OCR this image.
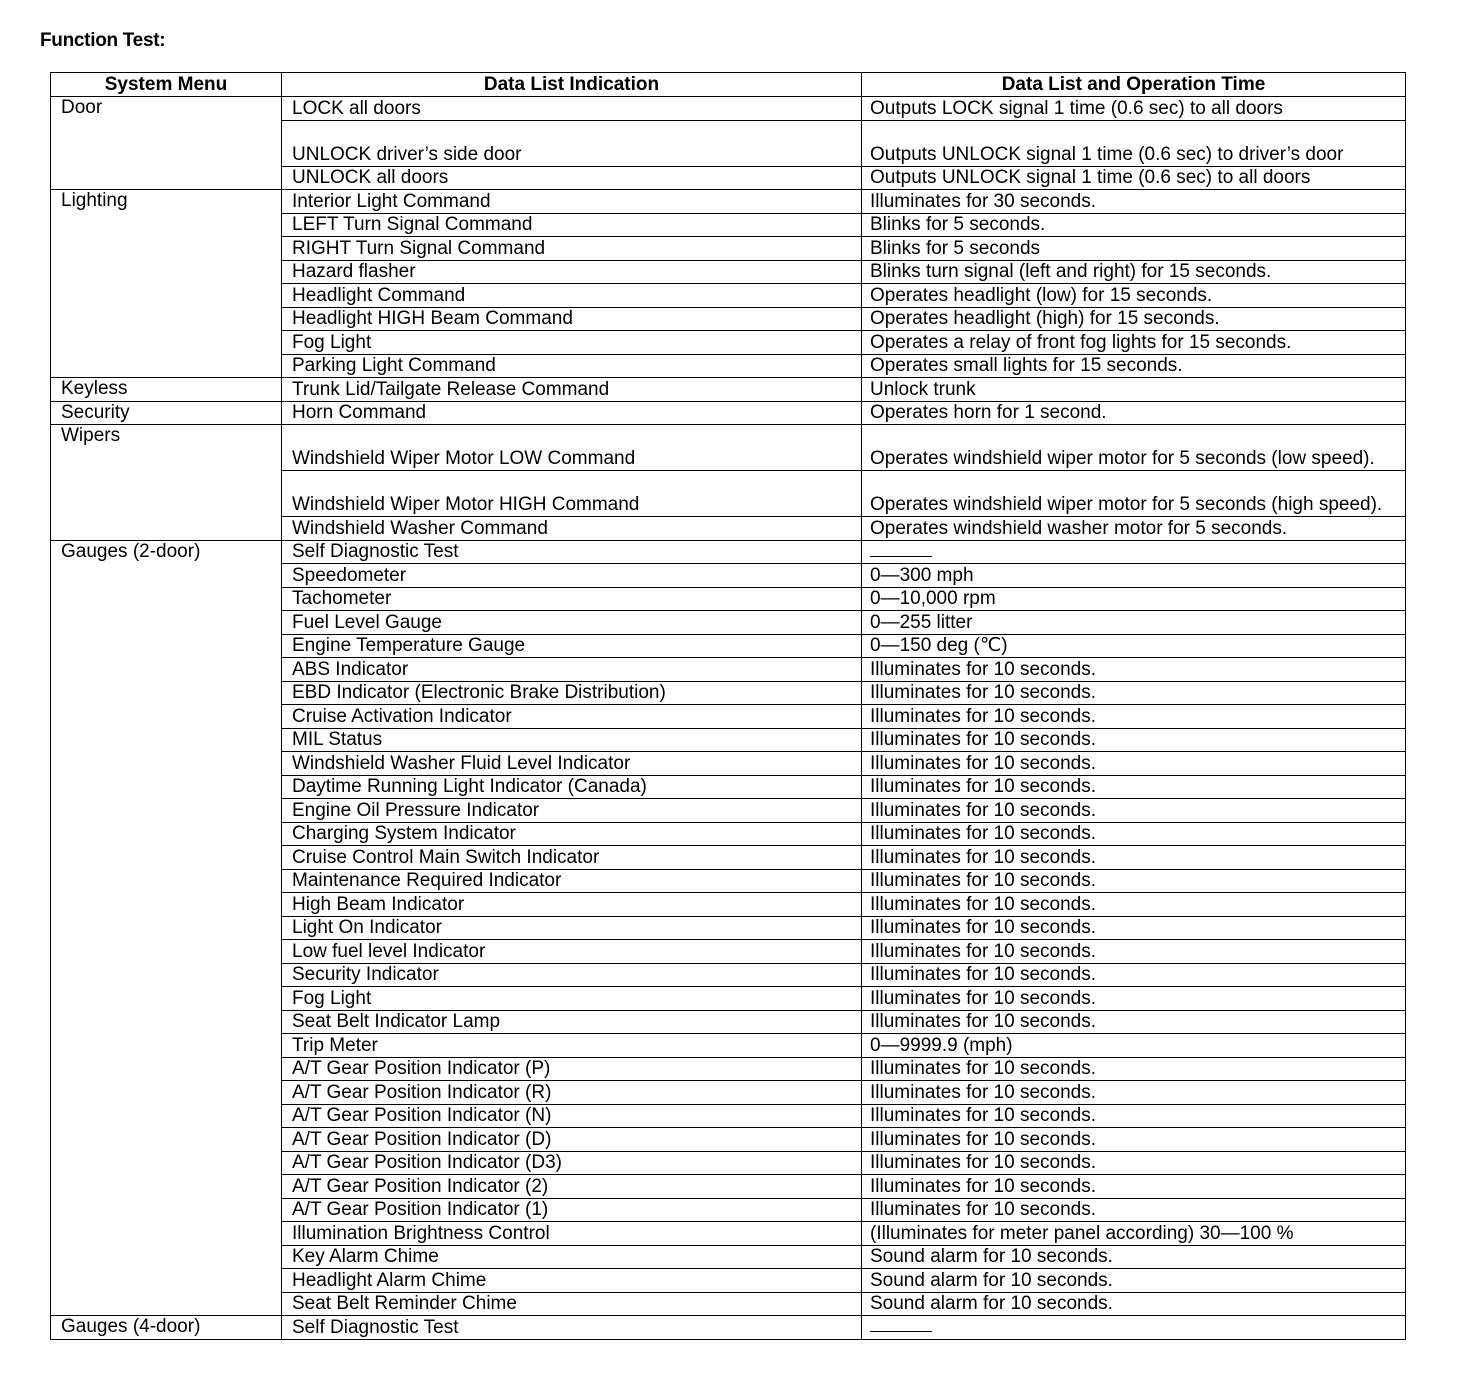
Function Test:
System Menu	Data List Indication	Data List and Operation Time
Door	LOCK all doors	Outputs LOCK signal 1 time (0.6 sec) to all doors
	UNLOCK driver’s side door	Outputs UNLOCK signal 1 time (0.6 sec) to driver’s door
	UNLOCK all doors	Outputs UNLOCK signal 1 time (0.6 sec) to all doors
Lighting	Interior Light Command	Illuminates for 30 seconds.
	LEFT Turn Signal Command	Blinks for 5 seconds.
	RIGHT Turn Signal Command	Blinks for 5 seconds
	Hazard flasher	Blinks turn signal (left and right) for 15 seconds.
	Headlight Command	Operates headlight (low) for 15 seconds.
	Headlight HIGH Beam Command	Operates headlight (high) for 15 seconds.
	Fog Light	Operates a relay of front fog lights for 15 seconds.
	Parking Light Command	Operates small lights for 15 seconds.
Keyless	Trunk Lid/Tailgate Release Command	Unlock trunk
Security	Horn Command	Operates horn for 1 second.
Wipers	Windshield Wiper Motor LOW Command	Operates windshield wiper motor for 5 seconds (low speed).
	Windshield Wiper Motor HIGH Command	Operates windshield wiper motor for 5 seconds (high speed).
	Windshield Washer Command	Operates windshield washer motor for 5 seconds.
Gauges (2-door)	Self Diagnostic Test	
	Speedometer	0—300 mph
	Tachometer	0—10,000 rpm
	Fuel Level Gauge	0—255 litter
	Engine Temperature Gauge	0—150 deg (℃)
	ABS Indicator	Illuminates for 10 seconds.
	EBD Indicator (Electronic Brake Distribution)	Illuminates for 10 seconds.
	Cruise Activation Indicator	Illuminates for 10 seconds.
	MIL Status	Illuminates for 10 seconds.
	Windshield Washer Fluid Level Indicator	Illuminates for 10 seconds.
	Daytime Running Light Indicator (Canada)	Illuminates for 10 seconds.
	Engine Oil Pressure Indicator	Illuminates for 10 seconds.
	Charging System Indicator	Illuminates for 10 seconds.
	Cruise Control Main Switch Indicator	Illuminates for 10 seconds.
	Maintenance Required Indicator	Illuminates for 10 seconds.
	High Beam Indicator	Illuminates for 10 seconds.
	Light On Indicator	Illuminates for 10 seconds.
	Low fuel level Indicator	Illuminates for 10 seconds.
	Security Indicator	Illuminates for 10 seconds.
	Fog Light	Illuminates for 10 seconds.
	Seat Belt Indicator Lamp	Illuminates for 10 seconds.
	Trip Meter	0—9999.9 (mph)
	A/T Gear Position Indicator (P)	Illuminates for 10 seconds.
	A/T Gear Position Indicator (R)	Illuminates for 10 seconds.
	A/T Gear Position Indicator (N)	Illuminates for 10 seconds.
	A/T Gear Position Indicator (D)	Illuminates for 10 seconds.
	A/T Gear Position Indicator (D3)	Illuminates for 10 seconds.
	A/T Gear Position Indicator (2)	Illuminates for 10 seconds.
	A/T Gear Position Indicator (1)	Illuminates for 10 seconds.
	Illumination Brightness Control	(Illuminates for meter panel according) 30—100 %
	Key Alarm Chime	Sound alarm for 10 seconds.
	Headlight Alarm Chime	Sound alarm for 10 seconds.
	Seat Belt Reminder Chime	Sound alarm for 10 seconds.
Gauges (4-door)	Self Diagnostic Test	
